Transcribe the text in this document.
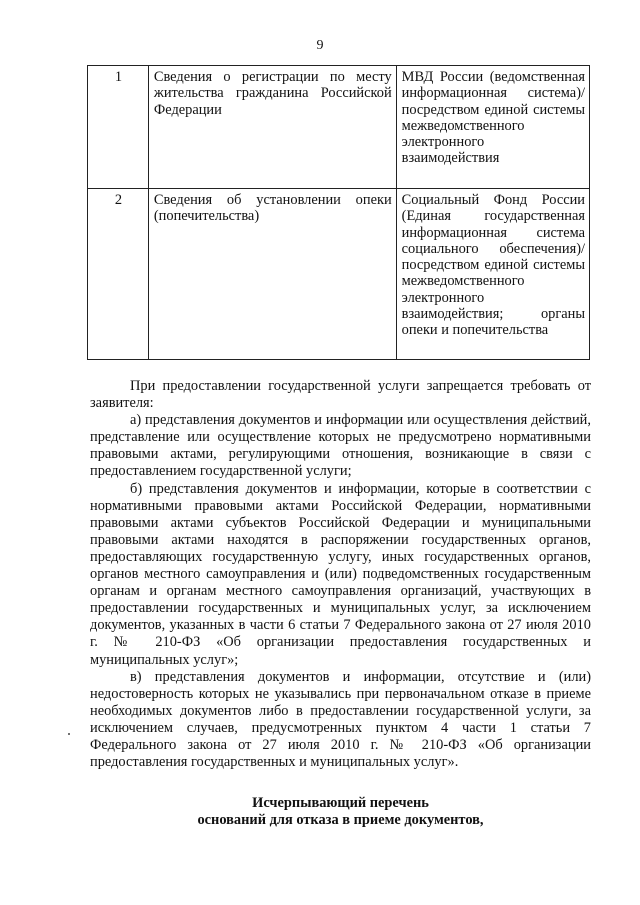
9
1	Сведения о регистрации по месту жительства гражданина Российской Федерации	МВД России (ведомственная информационная система)/посредством единой системы межведомственного электронного взаимодействия

2	Сведения об установлении опеки (попечительства)	Социальный Фонд России (Единая государственная информационная система социального обеспечения)/ посредством единой системы межведомственного электронного взаимодействия; органы опеки и попечительства

При предоставлении государственной услуги запрещается требовать от заявителя:

а) представления документов и информации или осуществления действий, представление или осуществление которых не предусмотрено нормативными правовыми актами, регулирующими отношения, возникающие в связи с предоставлением государственной услуги;

б) представления документов и информации, которые в соответствии с нормативными правовыми актами Российской Федерации, нормативными правовыми актами субъектов Российской Федерации и муниципальными правовыми актами находятся в распоряжении государственных органов, предоставляющих государственную услугу, иных государственных органов, органов местного самоуправления и (или) подведомственных государственным органам и органам местного самоуправления организаций, участвующих в предоставлении государственных и муниципальных услуг, за исключением документов, указанных в части 6 статьи 7 Федерального закона от 27 июля 2010 г. № 210-ФЗ «Об организации предоставления государственных и муниципальных услуг»;

в) представления документов и информации, отсутствие и (или) недостоверность которых не указывались при первоначальном отказе в приеме необходимых документов либо в предоставлении государственной услуги, за исключением случаев, предусмотренных пунктом 4 части 1 статьи 7 Федерального закона от 27 июля 2010 г. № 210-ФЗ «Об организации предоставления государственных и муниципальных услуг».

Исчерпывающий перечень
оснований для отказа в приеме документов,
